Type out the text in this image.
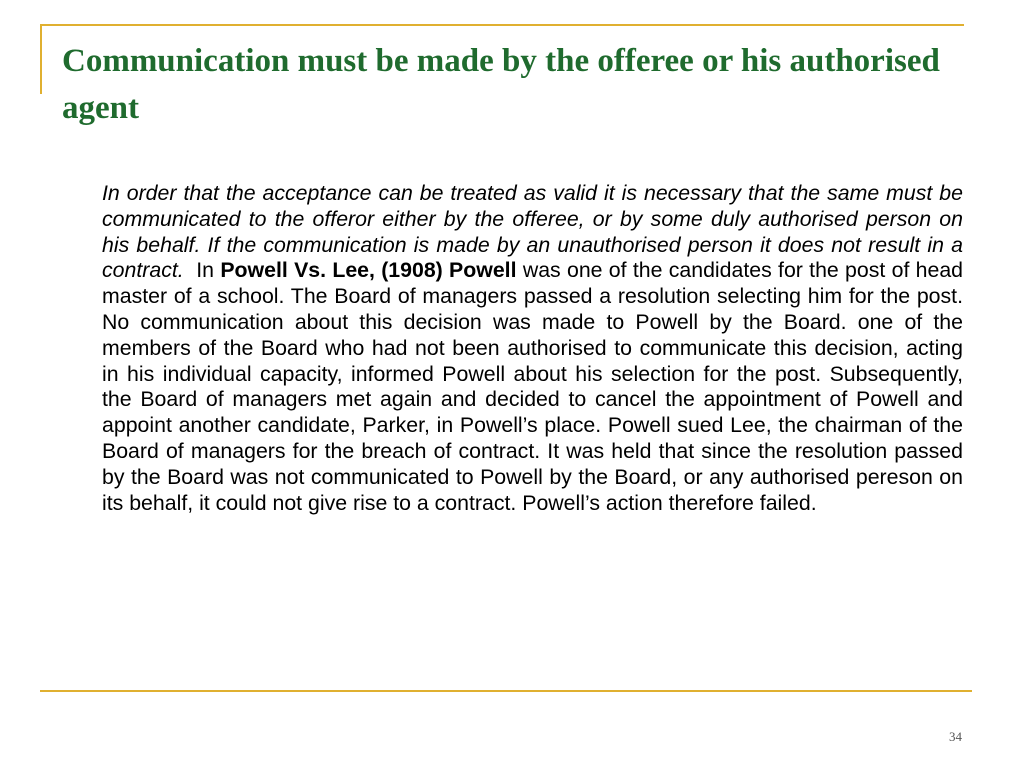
Communication must be made by the offeree or his authorised agent

In order that the acceptance can be treated as valid it is necessary that the same must be communicated to the offeror either by the offeree, or by some duly authorised person on his behalf. If the communication is made by an unauthorised person it does not result in a contract. In Powell Vs. Lee, (1908) Powell was one of the candidates for the post of head master of a school. The Board of managers passed a resolution selecting him for the post. No communication about this decision was made to Powell by the Board. one of the members of the Board who had not been authorised to communicate this decision, acting in his individual capacity, informed Powell about his selection for the post. Subsequently, the Board of managers met again and decided to cancel the appointment of Powell and appoint another candidate, Parker, in Powell’s place. Powell sued Lee, the chairman of the Board of managers for the breach of contract. It was held that since the resolution passed by the Board was not communicated to Powell by the Board, or any authorised pereson on its behalf, it could not give rise to a contract. Powell’s action therefore failed.

34
